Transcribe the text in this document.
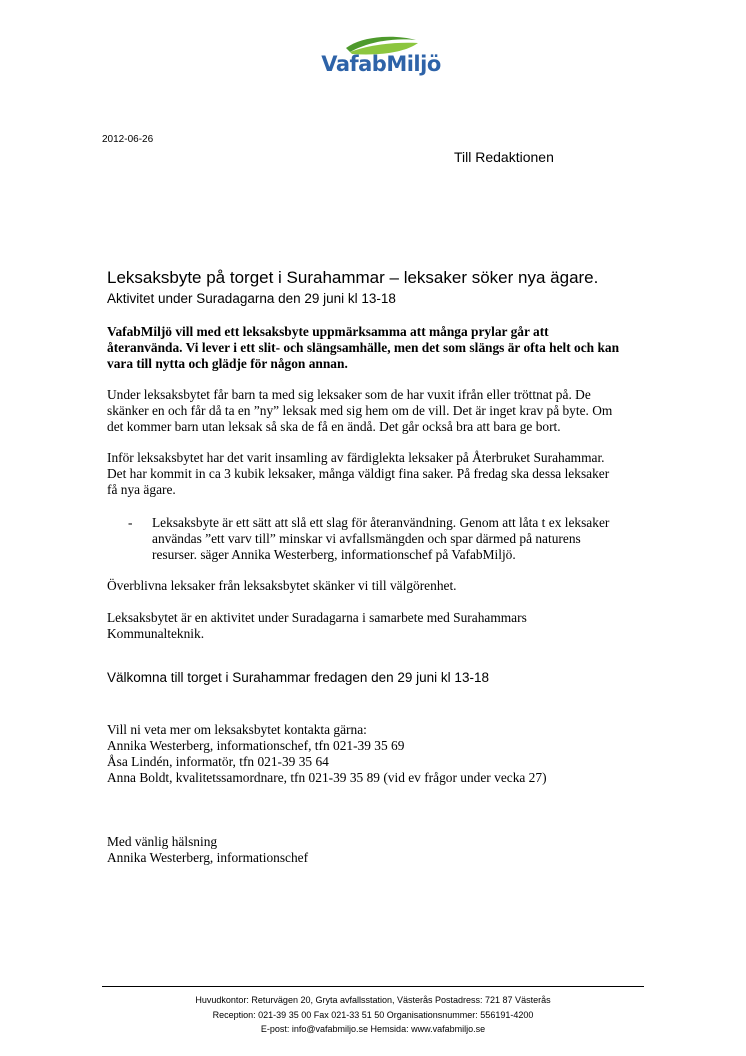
VafabMiljö
2012-06-26
Till Redaktionen
Leksaksbyte på torget i Surahammar – leksaker söker nya ägare.
Aktivitet under Suradagarna den 29 juni kl 13-18

VafabMiljö vill med ett leksaksbyte uppmärksamma att många prylar går att
återanvända. Vi lever i ett slit- och slängsamhälle, men det som slängs är ofta helt och kan
vara till nytta och glädje för någon annan.

Under leksaksbytet får barn ta med sig leksaker som de har vuxit ifrån eller tröttnat på. De
skänker en och får då ta en ”ny” leksak med sig hem om de vill. Det är inget krav på byte. Om
det kommer barn utan leksak så ska de få en ändå. Det går också bra att bara ge bort.

Inför leksaksbytet har det varit insamling av färdiglekta leksaker på Återbruket Surahammar.
Det har kommit in ca 3 kubik leksaker, många väldigt fina saker. På fredag ska dessa leksaker
få nya ägare.

- Leksaksbyte är ett sätt att slå ett slag för återanvändning. Genom att låta t ex leksaker
användas ”ett varv till” minskar vi avfallsmängden och spar därmed på naturens
resurser. säger Annika Westerberg, informationschef på VafabMiljö.

Överblivna leksaker från leksaksbytet skänker vi till välgörenhet.

Leksaksbytet är en aktivitet under Suradagarna i samarbete med Surahammars
Kommunalteknik.

Välkomna till torget i Surahammar fredagen den 29 juni kl 13-18

Vill ni veta mer om leksaksbytet kontakta gärna:
Annika Westerberg, informationschef, tfn 021-39 35 69
Åsa Lindén, informatör, tfn 021-39 35 64
Anna Boldt, kvalitetssamordnare, tfn 021-39 35 89 (vid ev frågor under vecka 27)

Med vänlig hälsning
Annika Westerberg, informationschef

Huvudkontor: Returvägen 20, Gryta avfallsstation, Västerås Postadress: 721 87 Västerås
Reception: 021-39 35 00 Fax 021-33 51 50 Organisationsnummer: 556191-4200
E-post: info@vafabmiljo.se Hemsida: www.vafabmiljo.se
